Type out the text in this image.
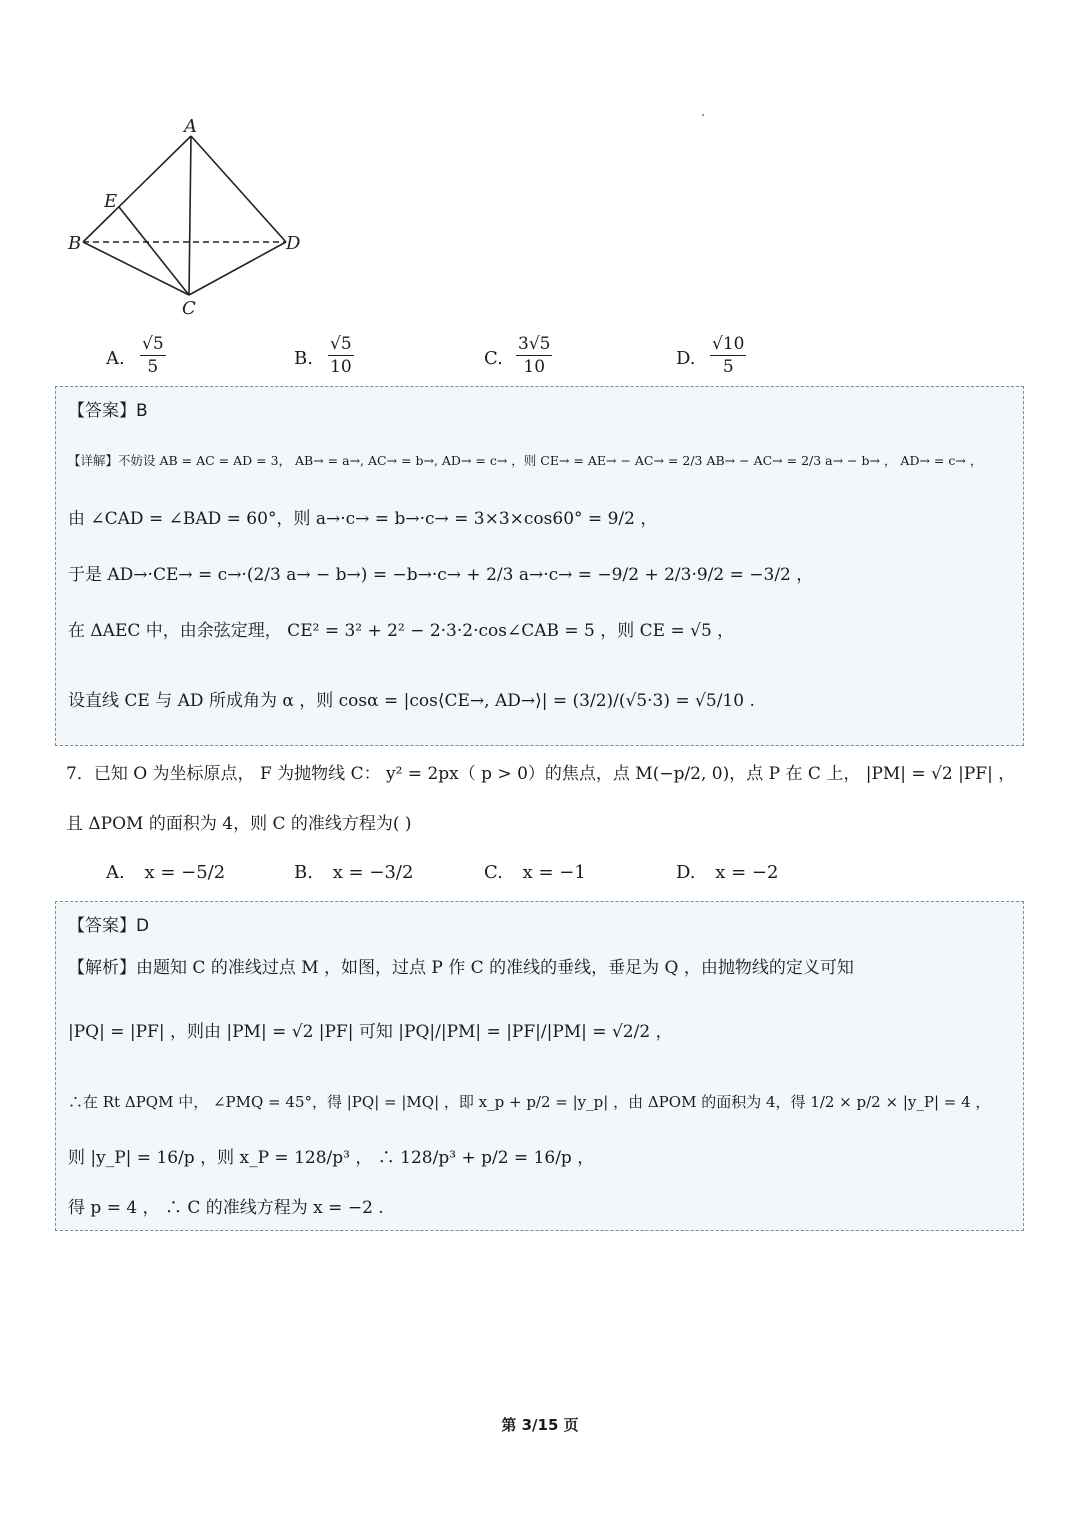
A
B
C
D
E
A. $\frac{√5}{5}$	B. $\frac{√5}{10}$	C. $\frac{3√5}{10}$	D. $\frac{√10}{5}$
【答案】B
【详解】不妨设 AB = AC = AD = 3， AB→ = a→, AC→ = b→, AD→ = c→ ，则 CE→ = AE→ − AC→ = 2/3 AB→ − AC→ = 2/3 a→ − b→ ， AD→ = c→ ，
由 ∠CAD = ∠BAD = 60°，则 a→·c→ = b→·c→ = 3×3×cos60° = 9/2 ，
于是 AD→·CE→ = c→·(2/3 a→ − b→) = −b→·c→ + 2/3 a→·c→ = −9/2 + 2/3·9/2 = −3/2 ，
在 ΔAEC 中，由余弦定理， CE² = 3² + 2² − 2·3·2·cos∠CAB = 5 ，则 CE = √5 ，
设直线 CE 与 AD 所成角为 α ，则 cosα = |cos⟨CE→, AD→⟩| = (3/2)/(√5·3) = √5/10 .
7．已知 O 为坐标原点， F 为抛物线 C： y² = 2px（ p > 0）的焦点，点 M(−p/2, 0)，点 P 在 C 上， |PM| = √2 |PF| ，
且 ΔPOM 的面积为 4，则 C 的准线方程为( )
A. x = −5/2	B. x = −3/2	C. x = −1	D. x = −2
【答案】D
【解析】由题知 C 的准线过点 M ，如图，过点 P 作 C 的准线的垂线，垂足为 Q ，由抛物线的定义可知
|PQ| = |PF| ，则由 |PM| = √2 |PF| 可知 |PQ|/|PM| = |PF|/|PM| = √2/2 ，
∴在 Rt ΔPQM 中， ∠PMQ = 45°，得 |PQ| = |MQ| ，即 x_p + p/2 = |y_p| ，由 ΔPOM 的面积为 4，得 1/2 × p/2 × |y_P| = 4 ，
则 |y_P| = 16/p ，则 x_P = 128/p³ ， ∴ 128/p³ + p/2 = 16/p ，
得 p = 4 ， ∴ C 的准线方程为 x = −2 .
第 3/15 页
